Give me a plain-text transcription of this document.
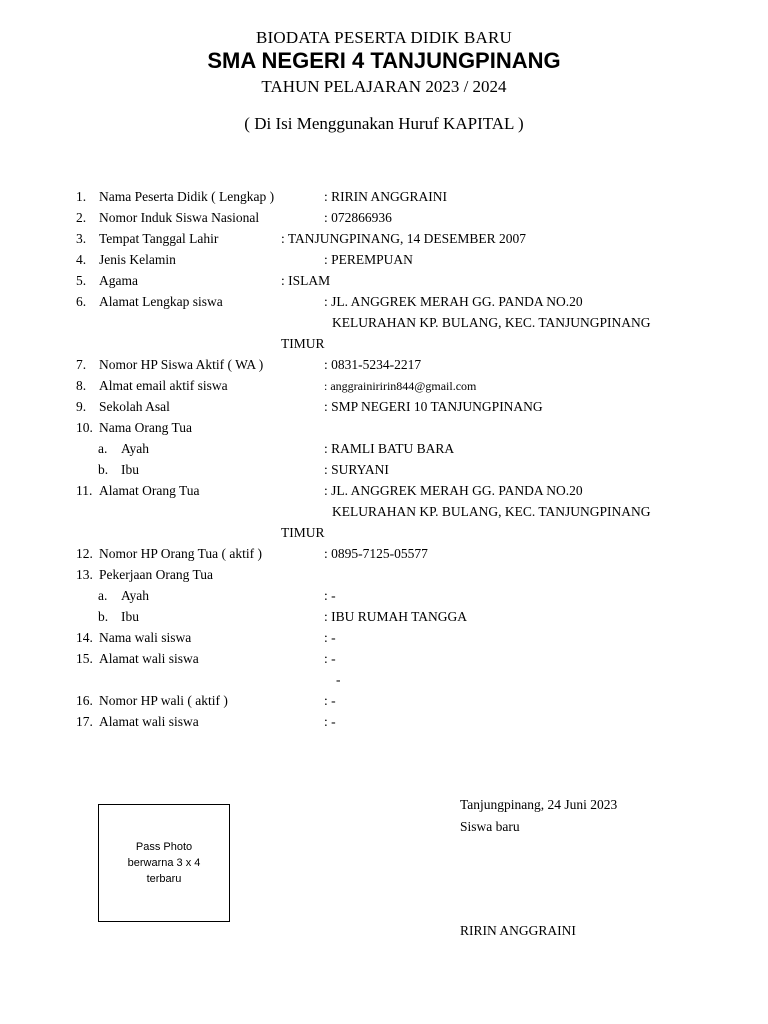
BIODATA PESERTA DIDIK BARU
SMA NEGERI 4 TANJUNGPINANG
TAHUN PELAJARAN 2023 / 2024
( Di Isi Menggunakan Huruf KAPITAL )
1. Nama Peserta Didik ( Lengkap )	: RIRIN ANGGRAINI
2. Nomor Induk Siswa Nasional	: 072866936
3. Tempat Tanggal Lahir	: TANJUNGPINANG, 14 DESEMBER 2007
4. Jenis Kelamin	: PEREMPUAN
5. Agama	: ISLAM
6. Alamat Lengkap siswa	: JL. ANGGREK MERAH GG. PANDA NO.20
KELURAHAN KP. BULANG, KEC. TANJUNGPINANG
TIMUR
7. Nomor HP Siswa Aktif ( WA )	: 0831-5234-2217
8. Almat email aktif siswa	: anggrainiririn844@gmail.com
9. Sekolah Asal	: SMP NEGERI 10 TANJUNGPINANG
10. Nama Orang Tua
a. Ayah	: RAMLI BATU BARA
b. Ibu	: SURYANI
11. Alamat Orang Tua	: JL. ANGGREK MERAH GG. PANDA NO.20
KELURAHAN KP. BULANG, KEC. TANJUNGPINANG
TIMUR
12. Nomor HP Orang Tua ( aktif )	: 0895-7125-05577
13. Pekerjaan Orang Tua
a. Ayah	: -
b. Ibu	: IBU RUMAH TANGGA
14. Nama wali siswa	: -
15. Alamat wali siswa	: -
-
16. Nomor HP wali ( aktif )	: -
17. Alamat wali siswa	: -
Pass Photo
berwarna 3 x 4
terbaru
Tanjungpinang, 24 Juni 2023
Siswa baru
RIRIN ANGGRAINI
